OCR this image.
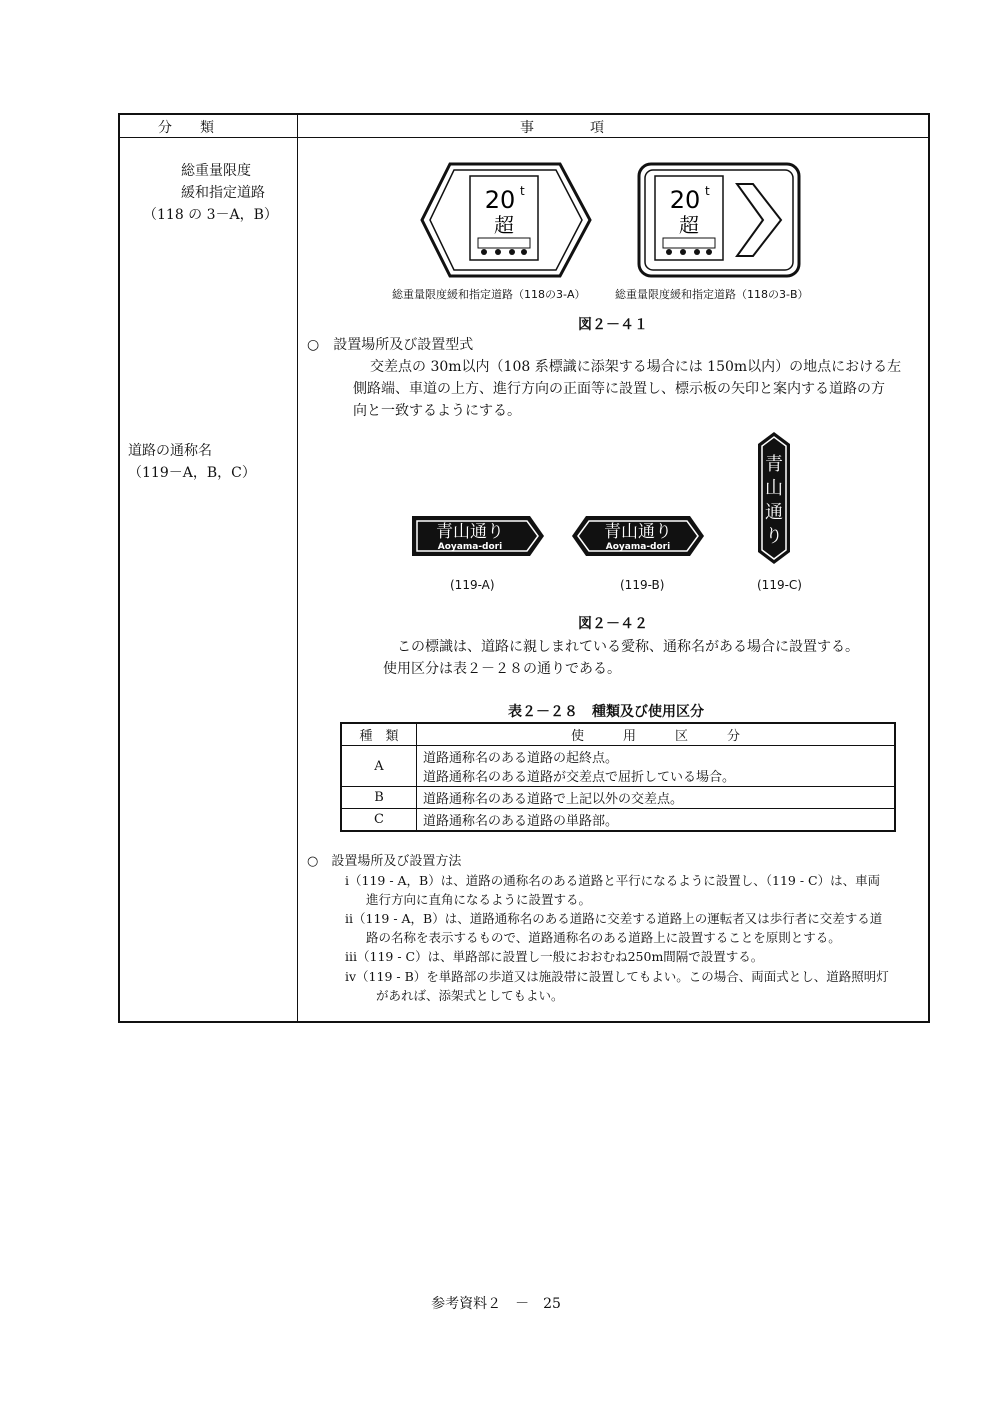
分　　類	事　　　　項
総重量限度
緩和指定道路
（118 の 3－A，B）
道路の通称名
（119－A，B，C）
20 t
超
20 t
超
総重量限度緩和指定道路（118の3-A）	総重量限度緩和指定道路（118の3-B）
図２－４１
○　設置場所及び設置型式
交差点の 30m以内（108 系標識に添架する場合には 150m以内）の地点における左
側路端、車道の上方、進行方向の正面等に設置し、標示板の矢印と案内する道路の方
向と一致するようにする。
青山通り
Aoyama-dori
青山通り
Aoyama-dori
青
山
通
り
(119-A)	(119-B)	(119-C)
図２－４２
この標識は、道路に親しまれている愛称、通称名がある場合に設置する。
使用区分は表２－２８の通りである。
表２－２８　種類及び使用区分
種　類	使　　　用　　　区　　　分
A	道路通称名のある道路の起終点。
道路通称名のある道路が交差点で屈折している場合。

B	道路通称名のある道路で上記以外の交差点。
C	道路通称名のある道路の単路部。
○　設置場所及び設置方法
ⅰ（119 - A，B）は、道路の通称名のある道路と平行になるように設置し、（119 - C）は、車両
進行方向に直角になるように設置する。
ⅱ（119 - A，B）は、道路通称名のある道路に交差する道路上の運転者又は歩行者に交差する道
路の名称を表示するもので、道路通称名のある道路上に設置することを原則とする。
ⅲ（119 - C）は、単路部に設置し一般におおむね250m間隔で設置する。
ⅳ（119 - B）を単路部の歩道又は施設帯に設置してもよい。この場合、両面式とし、道路照明灯
があれば、添架式としてもよい。
参考資料２　－　25
